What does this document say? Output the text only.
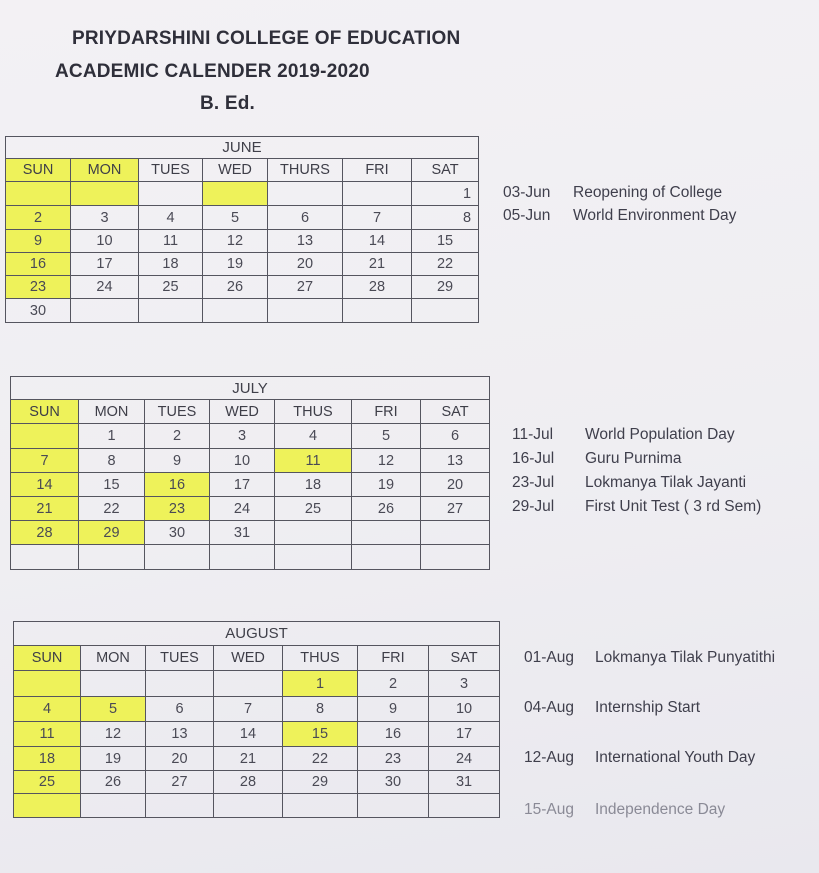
PRIYDARSHINI COLLEGE OF EDUCATION
ACADEMIC CALENDER 2019-2020
B. Ed.
JUNE						
SUN	MON	TUES	WED	THURS	FRI	SAT
						1
2	3	4	5	6	7	8
9	10	11	12	13	14	15
16	17	18	19	20	21	22
23	24	25	26	27	28	29
30						
03-Jun Reopening of College
05-Jun World Environment Day
JULY						
SUN	MON	TUES	WED	THUS	FRI	SAT
	1	2	3	4	5	6
7	8	9	10	11	12	13
14	15	16	17	18	19	20
21	22	23	24	25	26	27
28	29	30	31			

11-Jul World Population Day
16-Jul Guru Purnima
23-Jul Lokmanya Tilak Jayanti
29-Jul First Unit Test ( 3 rd Sem)
AUGUST						
SUN	MON	TUES	WED	THUS	FRI	SAT
				1	2	3
4	5	6	7	8	9	10
11	12	13	14	15	16	17
18	19	20	21	22	23	24
25	26	27	28	29	30	31

01-Aug Lokmanya Tilak Punyatithi
04-Aug Internship Start
12-Aug International Youth Day
15-Aug Independence Day
